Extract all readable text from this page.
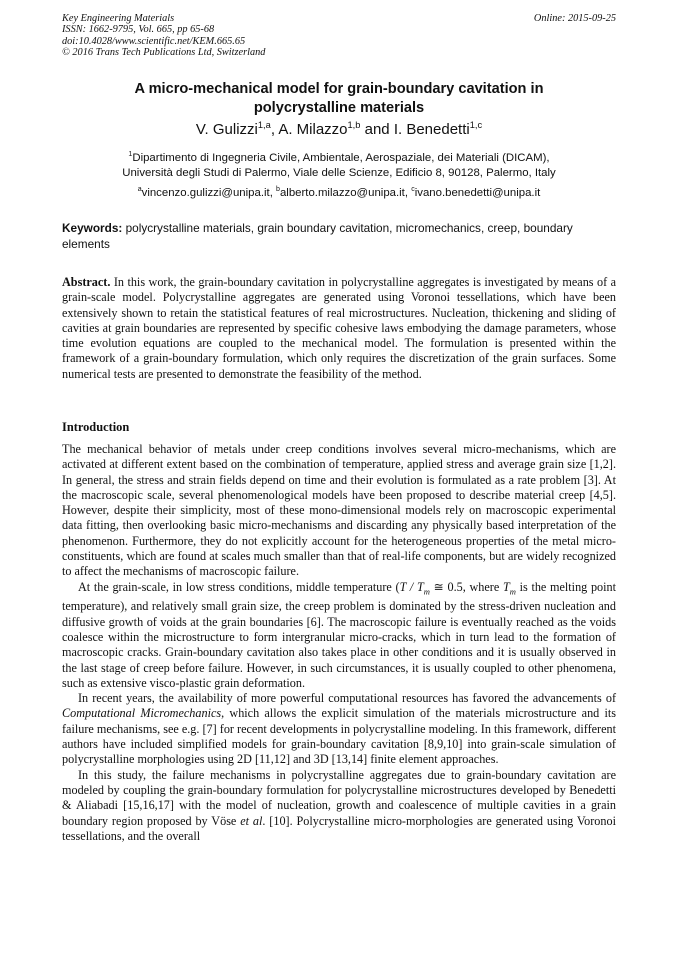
Key Engineering Materials
ISSN: 1662-9795, Vol. 665, pp 65-68
doi:10.4028/www.scientific.net/KEM.665.65
© 2016 Trans Tech Publications Ltd, Switzerland
Online: 2015-09-25
A micro-mechanical model for grain-boundary cavitation in
polycrystalline materials
V. Gulizzi$^{1,a}$, A. Milazzo$^{1,b}$ and I. Benedetti$^{1,c}$
$^1$Dipartimento di Ingegneria Civile, Ambientale, Aerospaziale, dei Materiali (DICAM),
Università degli Studi di Palermo, Viale delle Scienze, Edificio 8, 90128, Palermo, Italy
$^a$vincenzo.gulizzi@unipa.it, $^b$alberto.milazzo@unipa.it, $^c$ivano.benedetti@unipa.it
Keywords: polycrystalline materials, grain boundary cavitation, micromechanics, creep, boundary elements
Abstract. In this work, the grain-boundary cavitation in polycrystalline aggregates is investigated by means of a grain-scale model. Polycrystalline aggregates are generated using Voronoi tessellations, which have been extensively shown to retain the statistical features of real microstructures. Nucleation, thickening and sliding of cavities at grain boundaries are represented by specific cohesive laws embodying the damage parameters, whose time evolution equations are coupled to the mechanical model. The formulation is presented within the framework of a grain-boundary formulation, which only requires the discretization of the grain surfaces. Some numerical tests are presented to demonstrate the feasibility of the method.
Introduction

The mechanical behavior of metals under creep conditions involves several micro-mechanisms, which are activated at different extent based on the combination of temperature, applied stress and average grain size [1,2]. In general, the stress and strain fields depend on time and their evolution is formulated as a rate problem [3]. At the macroscopic scale, several phenomenological models have been proposed to describe material creep [4,5]. However, despite their simplicity, most of these mono-dimensional models rely on macroscopic experimental data fitting, then overlooking basic micro-mechanisms and discarding any physically based interpretation of the phenomenon. Furthermore, they do not explicitly account for the heterogeneous properties of the metal micro-constituents, which are found at scales much smaller than that of real-life components, but are widely recognized to affect the mechanisms of macroscopic failure.

At the grain-scale, in low stress conditions, middle temperature ($T / T_m$ ≅ 0.5, where $T_m$ is the melting point temperature), and relatively small grain size, the creep problem is dominated by the stress-driven nucleation and diffusive growth of voids at the grain boundaries [6]. The macroscopic failure is eventually reached as the voids coalesce within the microstructure to form intergranular micro-cracks, which in turn lead to the formation of macroscopic cracks. Grain-boundary cavitation also takes place in other conditions and it is usually observed in the last stage of creep before failure. However, in such circumstances, it is usually coupled to other phenomena, such as extensive visco-plastic grain deformation.

In recent years, the availability of more powerful computational resources has favored the advancements of Computational Micromechanics, which allows the explicit simulation of the materials microstructure and its failure mechanisms, see e.g. [7] for recent developments in polycrystalline modeling. In this framework, different authors have included simplified models for grain-boundary cavitation [8,9,10] into grain-scale simulation of polycrystalline morphologies using 2D [11,12] and 3D [13,14] finite element approaches.

In this study, the failure mechanisms in polycrystalline aggregates due to grain-boundary cavitation are modeled by coupling the grain-boundary formulation for polycrystalline microstructures developed by Benedetti & Aliabadi [15,16,17] with the model of nucleation, growth and coalescence of multiple cavities in a grain boundary region proposed by Vöse et al. [10]. Polycrystalline micro-morphologies are generated using Voronoi tessellations, and the overall
